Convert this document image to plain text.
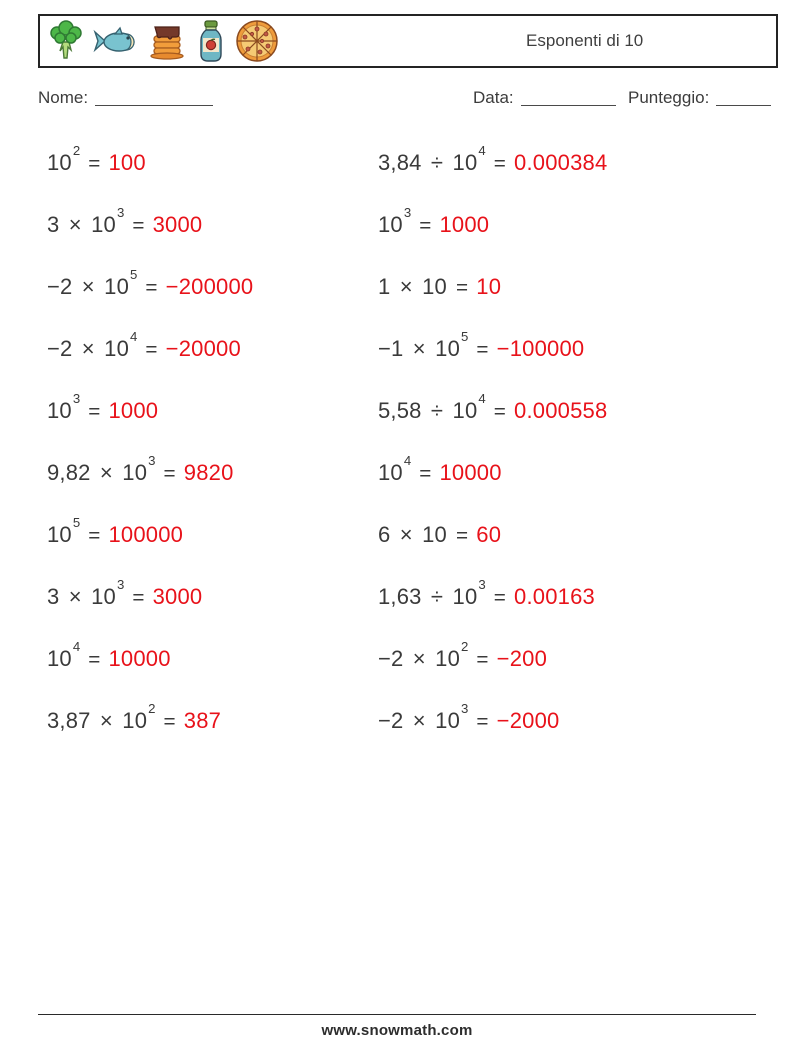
Esponenti di 10
Nome:	Data:	Punteggio:
$10^2= 100$
$3 \times 10^3= 3000$
$-2 \times 10^5= -200000$
$-2 \times 10^4= -20000$
$10^3= 1000$
$9,82 \times 10^3= 9820$
$10^5= 100000$
$3 \times 10^3= 3000$
$10^4= 10000$
$3,87 \times 10^2= 387$
$3,84 \div 10^4= 0.000384$
$10^3= 1000$
1 × 10 = 10
$-1 \times 10^5= -100000$
$5,58 \div 10^4= 0.000558$
$10^4= 10000$
6 × 10 = 60
$1,63 \div 10^3= 0.00163$
$-2 \times 10^2= -200$
$-2 \times 10^3= -2000$
www.snowmath.com
